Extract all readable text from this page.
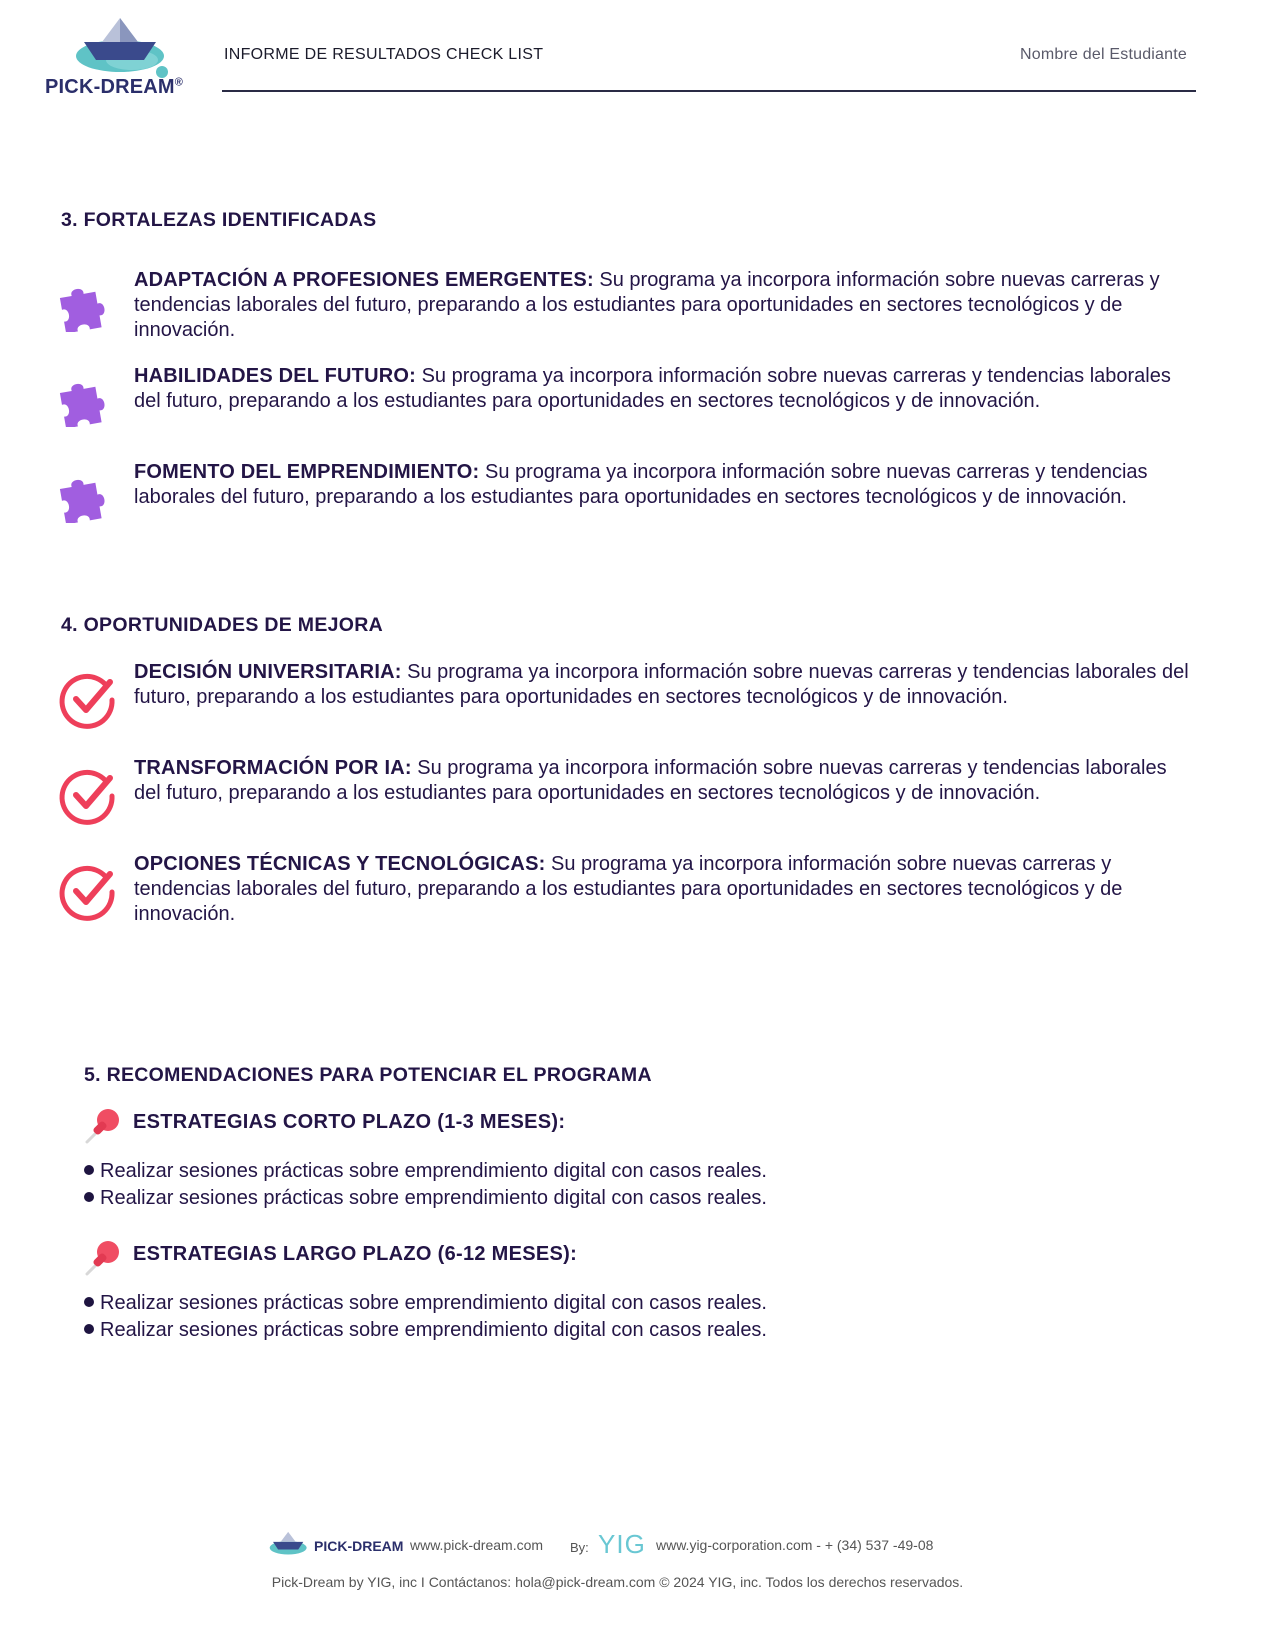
PICK-DREAM®
INFORME DE RESULTADOS CHECK LIST	Nombre del Estudiante
3. FORTALEZAS IDENTIFICADAS
ADAPTACIÓN A PROFESIONES EMERGENTES: Su programa ya incorpora información sobre nuevas carreras y tendencias laborales del futuro, preparando a los estudiantes para oportunidades en sectores tecnológicos y de innovación.
HABILIDADES DEL FUTURO: Su programa ya incorpora información sobre nuevas carreras y tendencias laborales del futuro, preparando a los estudiantes para oportunidades en sectores tecnológicos y de innovación.
FOMENTO DEL EMPRENDIMIENTO: Su programa ya incorpora información sobre nuevas carreras y tendencias laborales del futuro, preparando a los estudiantes para oportunidades en sectores tecnológicos y de innovación.
4. OPORTUNIDADES DE MEJORA
DECISIÓN UNIVERSITARIA: Su programa ya incorpora información sobre nuevas carreras y tendencias laborales del futuro, preparando a los estudiantes para oportunidades en sectores tecnológicos y de innovación.
TRANSFORMACIÓN POR IA: Su programa ya incorpora información sobre nuevas carreras y tendencias laborales del futuro, preparando a los estudiantes para oportunidades en sectores tecnológicos y de innovación.
OPCIONES TÉCNICAS Y TECNOLÓGICAS: Su programa ya incorpora información sobre nuevas carreras y tendencias laborales del futuro, preparando a los estudiantes para oportunidades en sectores tecnológicos y de innovación.
5. RECOMENDACIONES PARA POTENCIAR EL PROGRAMA
ESTRATEGIAS CORTO PLAZO (1-3 MESES):
Realizar sesiones prácticas sobre emprendimiento digital con casos reales.
Realizar sesiones prácticas sobre emprendimiento digital con casos reales.
ESTRATEGIAS LARGO PLAZO (6-12 MESES):
Realizar sesiones prácticas sobre emprendimiento digital con casos reales.
Realizar sesiones prácticas sobre emprendimiento digital con casos reales.
PICK-DREAM www.pick-dream.com By: YIG www.yig-corporation.com - + (34) 537 -49-08
Pick-Dream by YIG, inc I Contáctanos: hola@pick-dream.com © 2024 YIG, inc. Todos los derechos reservados.
